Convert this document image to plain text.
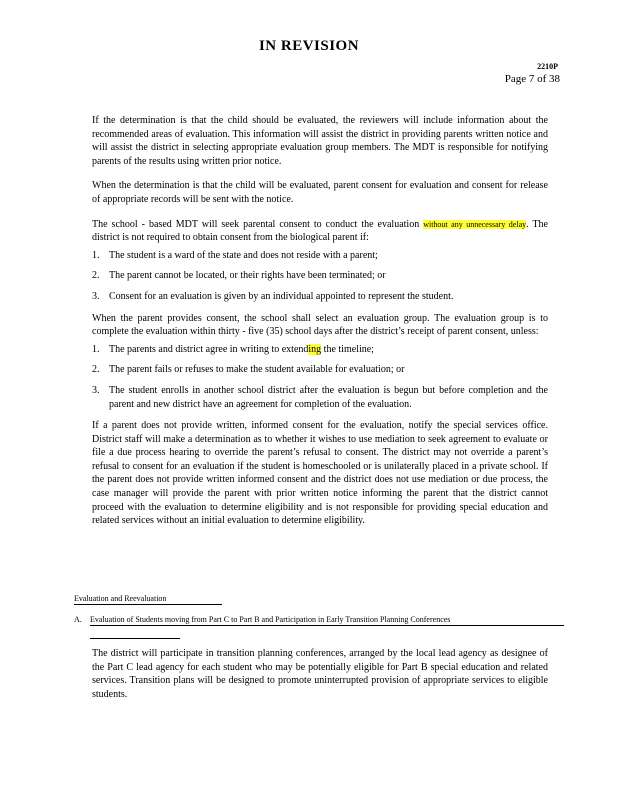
IN REVISION
2210P
Page 7 of 38

If the determination is that the child should be evaluated, the reviewers will include information about the recommended areas of evaluation. This information will assist the district in providing parents written notice and will assist the district in selecting appropriate evaluation group members. The MDT is responsible for notifying parents of the results using written prior notice.

When the determination is that the child will be evaluated, parent consent for evaluation and consent for release of appropriate records will be sent with the notice.

The school - based MDT will seek parental consent to conduct the evaluation without any unnecessary delay. The district is not required to obtain consent from the biological parent if:

1. The student is a ward of the state and does not reside with a parent;
2. The parent cannot be located, or their rights have been terminated; or
3. Consent for an evaluation is given by an individual appointed to represent the student.

When the parent provides consent, the school shall select an evaluation group. The evaluation group is to complete the evaluation within thirty - five (35) school days after the district’s receipt of parent consent, unless:

1. The parents and district agree in writing to extending the timeline;
2. The parent fails or refuses to make the student available for evaluation; or
3. The student enrolls in another school district after the evaluation is begun but before completion and the parent and new district have an agreement for completion of the evaluation.

If a parent does not provide written, informed consent for the evaluation, notify the special services office. District staff will make a determination as to whether it wishes to use mediation to seek agreement to evaluate or file a due process hearing to override the parent’s refusal to consent. The district may not override a parent’s refusal to consent for an evaluation if the student is homeschooled or is unilaterally placed in a private school. If the parent does not provide written informed consent and the district does not use mediation or due process, the case manager will provide the parent with prior written notice informing the parent that the district cannot proceed with the evaluation to determine eligibility and is not responsible for providing special education and related services without an initial evaluation to determine eligibility.

Evaluation and Reevaluation
A. Evaluation of Students moving from Part C to Part B and Participation in Early Transition Planning Conferences
The district will participate in transition planning conferences, arranged by the local lead agency as designee of the Part C lead agency for each student who may be potentially eligible for Part B special education and related services. Transition plans will be designed to promote uninterrupted provision of appropriate services to eligible students.
